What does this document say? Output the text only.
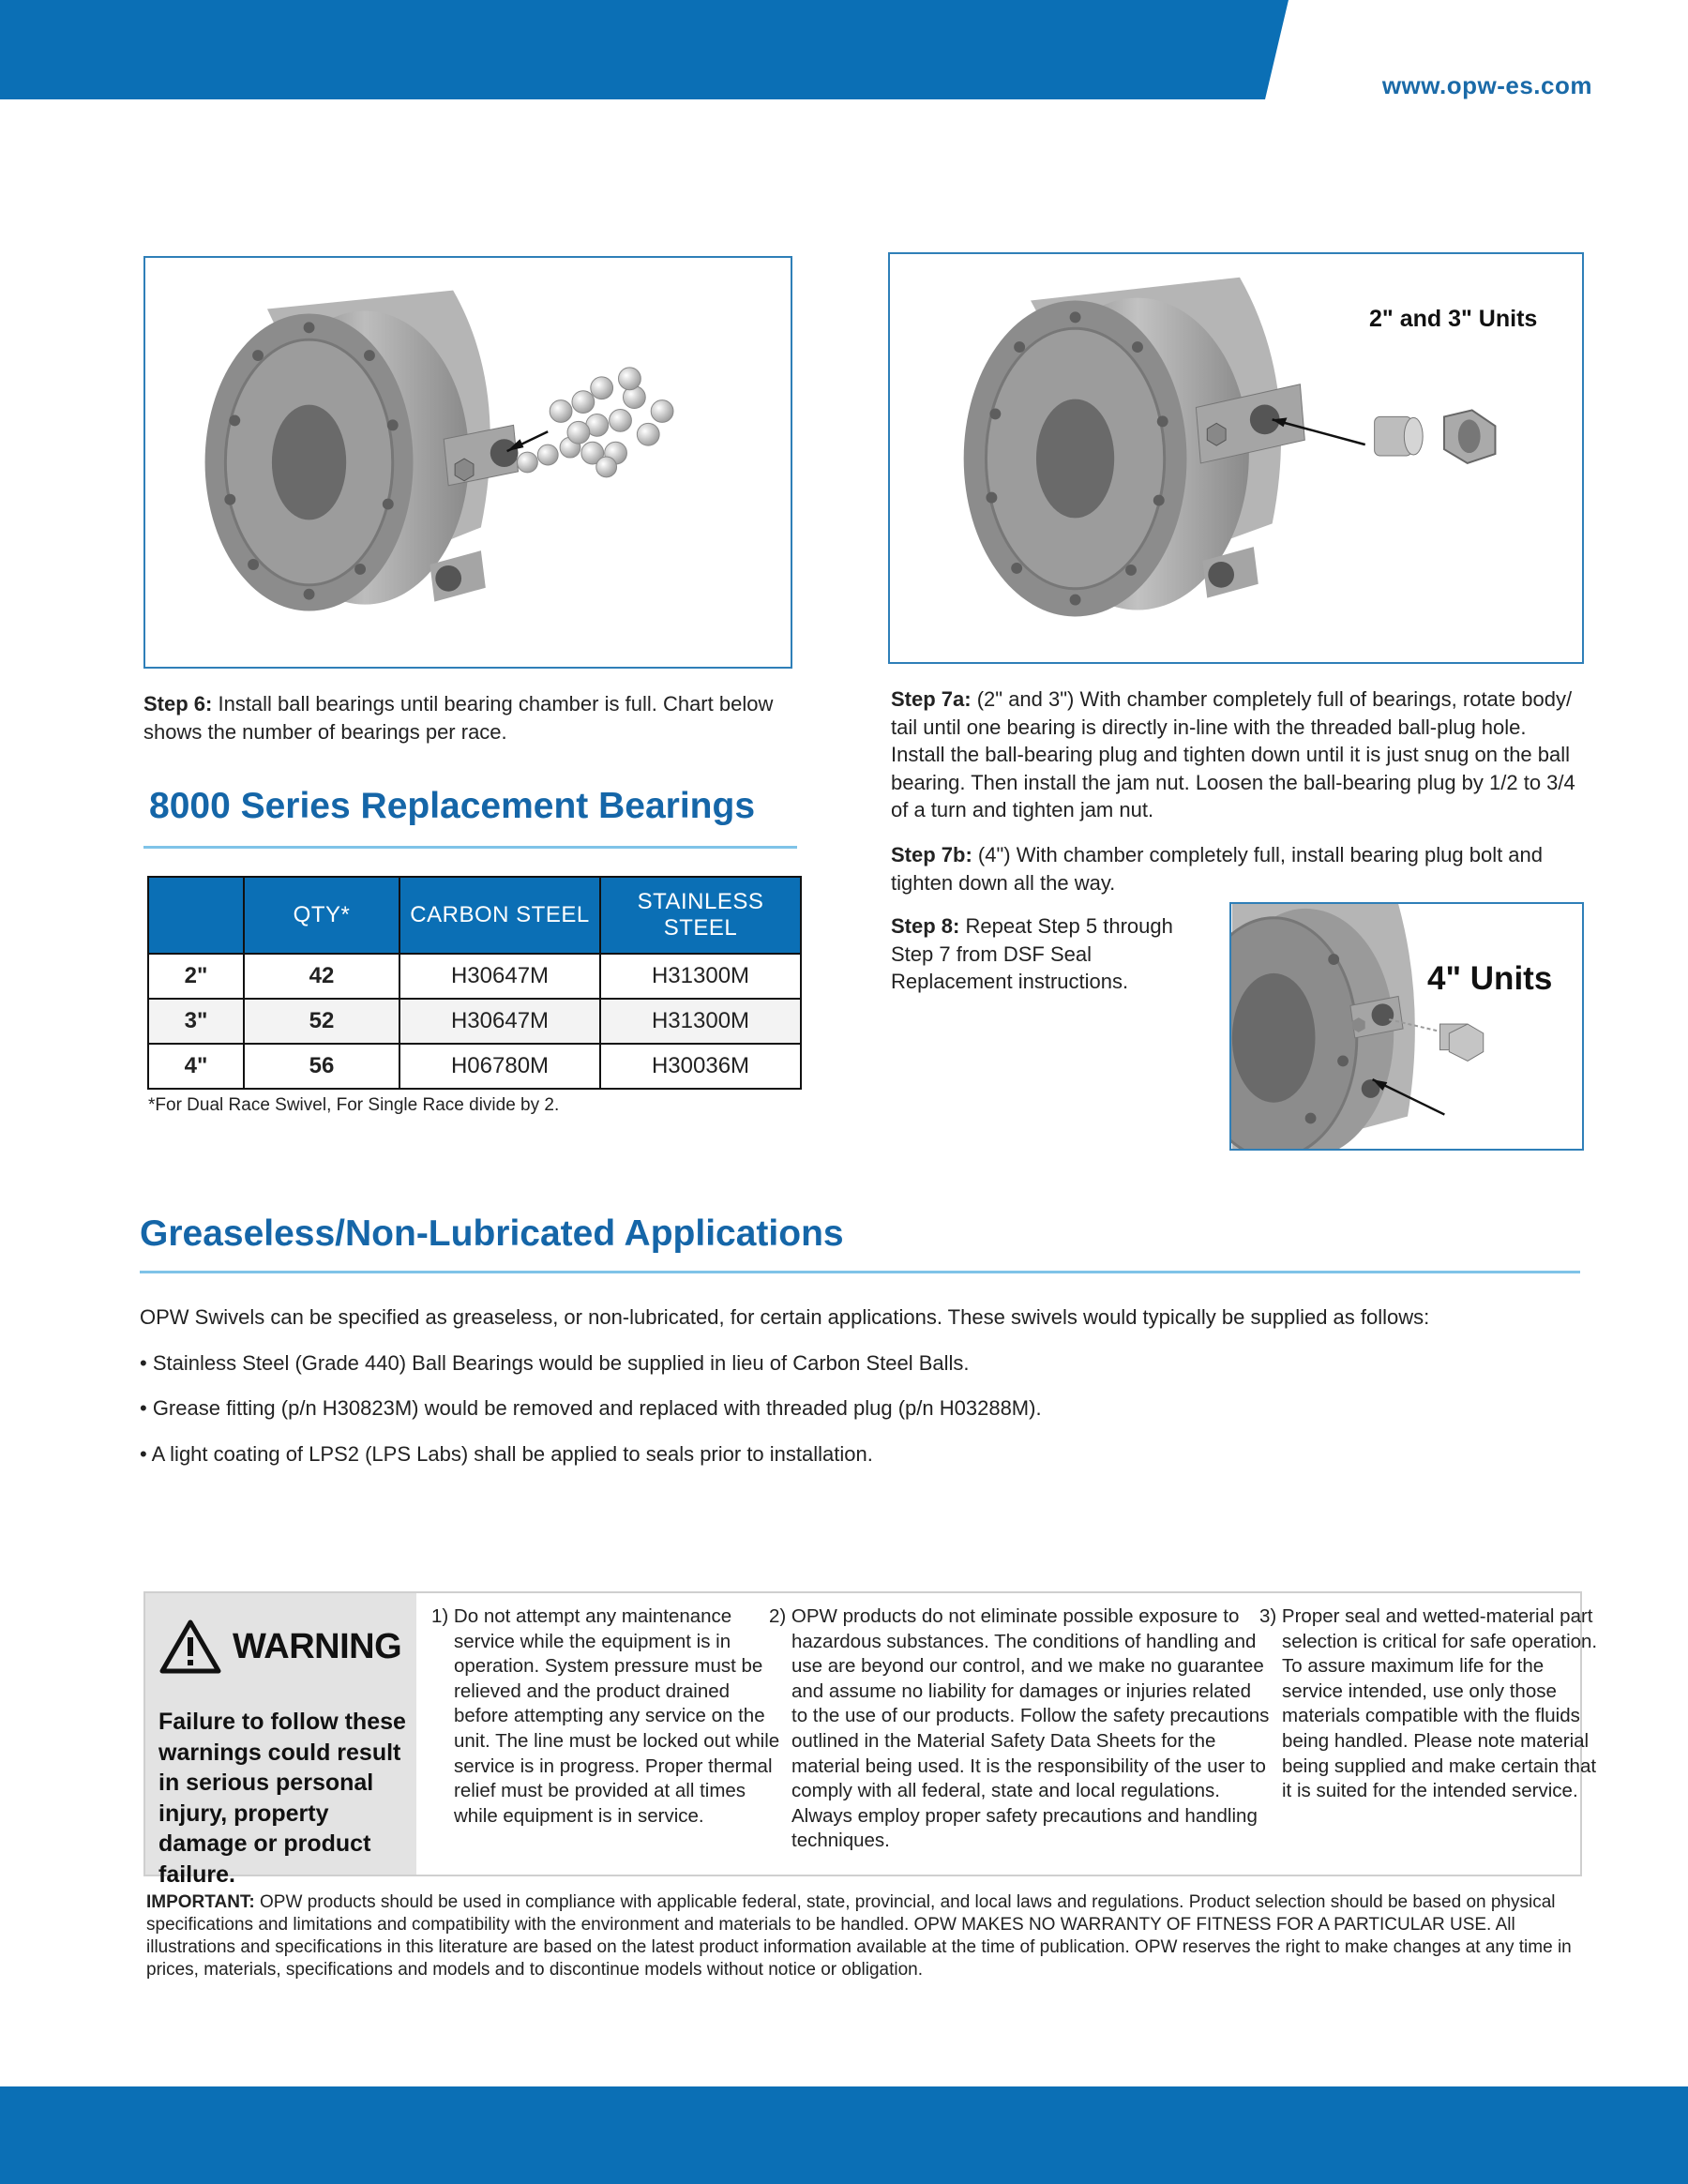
www.opw-es.com
2" and 3" Units
Step 6: Install ball bearings until bearing chamber is full. Chart below shows the number of bearings per race.
Step 7a: (2" and 3") With chamber completely full of bearings, rotate body/ tail until one bearing is directly in-line with the threaded ball-plug hole. Install the ball-bearing plug and tighten down until it is just snug on the ball bearing. Then install the jam nut. Loosen the ball-bearing plug by 1/2 to 3/4 of a turn and tighten jam nut.
Step 7b: (4") With chamber completely full, install bearing plug bolt and tighten down all the way.
Step 8: Repeat Step 5 through Step 7 from DSF Seal Replacement instructions.	4" Units
8000 Series Replacement Bearings
	QTY*	CARBON STEEL	STAINLESS STEEL
2"	42	H30647M	H31300M
3"	52	H30647M	H31300M
4"	56	H06780M	H30036M
*For Dual Race Swivel, For Single Race divide by 2.
Greaseless/Non-Lubricated Applications
OPW Swivels can be specified as greaseless, or non-lubricated, for certain applications. These swivels would typically be supplied as follows:
• Stainless Steel (Grade 440) Ball Bearings would be supplied in lieu of Carbon Steel Balls.
• Grease fitting (p/n H30823M) would be removed and replaced with threaded plug (p/n H03288M).
• A light coating of LPS2 (LPS Labs) shall be applied to seals prior to installation.
WARNING
Failure to follow these warnings could result in serious personal injury, property damage or product failure.
1) Do not attempt any maintenance service while the equipment is in operation. System pressure must be relieved and the product drained before attempting any service on the unit. The line must be locked out while service is in progress. Proper thermal relief must be provided at all times while equipment is in service.
2) OPW products do not eliminate possible exposure to hazardous substances. The conditions of handling and use are beyond our control, and we make no guarantee and assume no liability for damages or injuries related to the use of our products. Follow the safety precautions outlined in the Material Safety Data Sheets for the material being used. It is the responsibility of the user to comply with all federal, state and local regulations. Always employ proper safety precautions and handling techniques.
3) Proper seal and wetted-material part selection is critical for safe operation. To assure maximum life for the service intended, use only those materials compatible with the fluids being handled. Please note material being supplied and make certain that it is suited for the intended service.
IMPORTANT: OPW products should be used in compliance with applicable federal, state, provincial, and local laws and regulations. Product selection should be based on physical specifications and limitations and compatibility with the environment and materials to be handled. OPW MAKES NO WARRANTY OF FITNESS FOR A PARTICULAR USE. All illustrations and specifications in this literature are based on the latest product information available at the time of publication. OPW reserves the right to make changes at any time in prices, materials, specifications and models and to discontinue models without notice or obligation.
